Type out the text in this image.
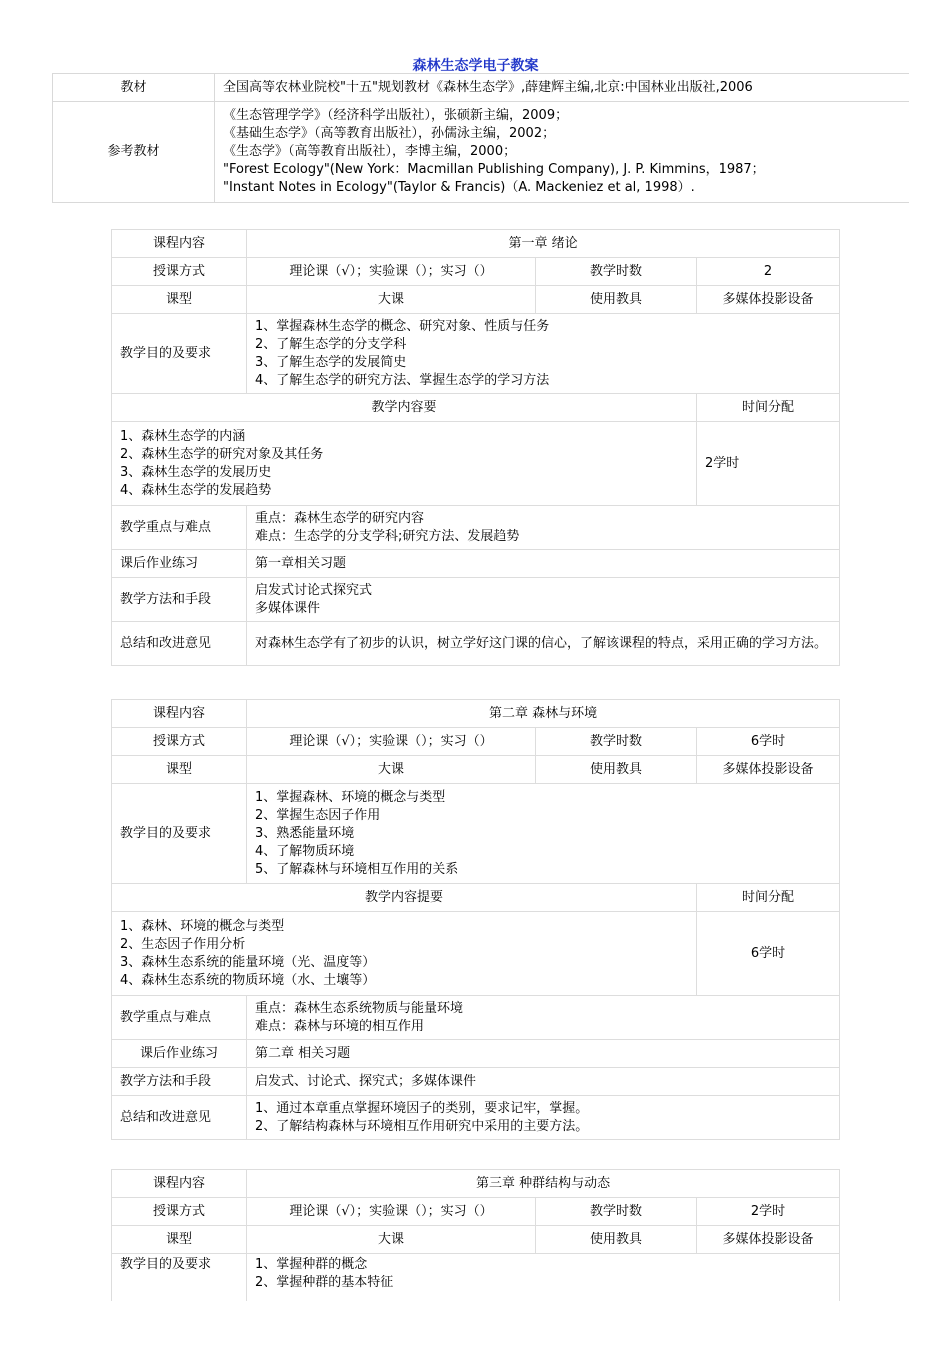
森林生态学电子教案
教材	全国高等农林业院校"十五"规划教材《森林生态学》,薛建辉主编,北京:中国林业出版社,2006
参考教材	《生态管理学学》（经济科学出版社），张硕新主编，2009；
《基础生态学》（高等教育出版社），孙儒泳主编，2002；
《生态学》（高等教育出版社），李博主编，2000；
"Forest Ecology"(New York：Macmillan Publishing Company), J. P. Kimmins，1987；
"Instant Notes in Ecology"(Taylor & Francis)（A. Mackeniez et al, 1998）.
课程内容	第一章 绪论		
授课方式	理论课（√）；实验课（）；实习（）	教学时数	2
课型	大课	使用教具	多媒体投影设备
教学目的及要求	1、掌握森林生态学的概念、研究对象、性质与任务
2、了解生态学的分支学科
3、了解生态学的发展简史
4、了解生态学的研究方法、掌握生态学的学习方法		
教学内容要			时间分配
1、森林生态学的内涵
2、森林生态学的研究对象及其任务
3、森林生态学的发展历史
4、森林生态学的发展趋势			2学时
教学重点与难点	重点：森林生态学的研究内容
难点：生态学的分支学科;研究方法、发展趋势		
课后作业练习	第一章相关习题		
教学方法和手段	启发式讨论式探究式
多媒体课件		
总结和改进意见	对森林生态学有了初步的认识，树立学好这门课的信心，了解该课程的特点，采用正确的学习方法。		
课程内容	第二章 森林与环境		
授课方式	理论课（√）；实验课（）；实习（）	教学时数	6学时
课型	大课	使用教具	多媒体投影设备
教学目的及要求	1、掌握森林、环境的概念与类型
2、掌握生态因子作用
3、熟悉能量环境
4、了解物质环境
5、了解森林与环境相互作用的关系		
教学内容提要			时间分配
1、森林、环境的概念与类型
2、生态因子作用分析
3、森林生态系统的能量环境（光、温度等）
4、森林生态系统的物质环境（水、土壤等）			6学时
教学重点与难点	重点：森林生态系统物质与能量环境
难点：森林与环境的相互作用		
课后作业练习	第二章 相关习题		
教学方法和手段	启发式、讨论式、探究式；多媒体课件		
总结和改进意见	1、通过本章重点掌握环境因子的类别，要求记牢，掌握。
2、了解结构森林与环境相互作用研究中采用的主要方法。		
课程内容	第三章 种群结构与动态		
授课方式	理论课（√）；实验课（）；实习（）	教学时数	2学时
课型	大课	使用教具	多媒体投影设备
教学目的及要求	1、掌握种群的概念
2、掌握种群的基本特征		
